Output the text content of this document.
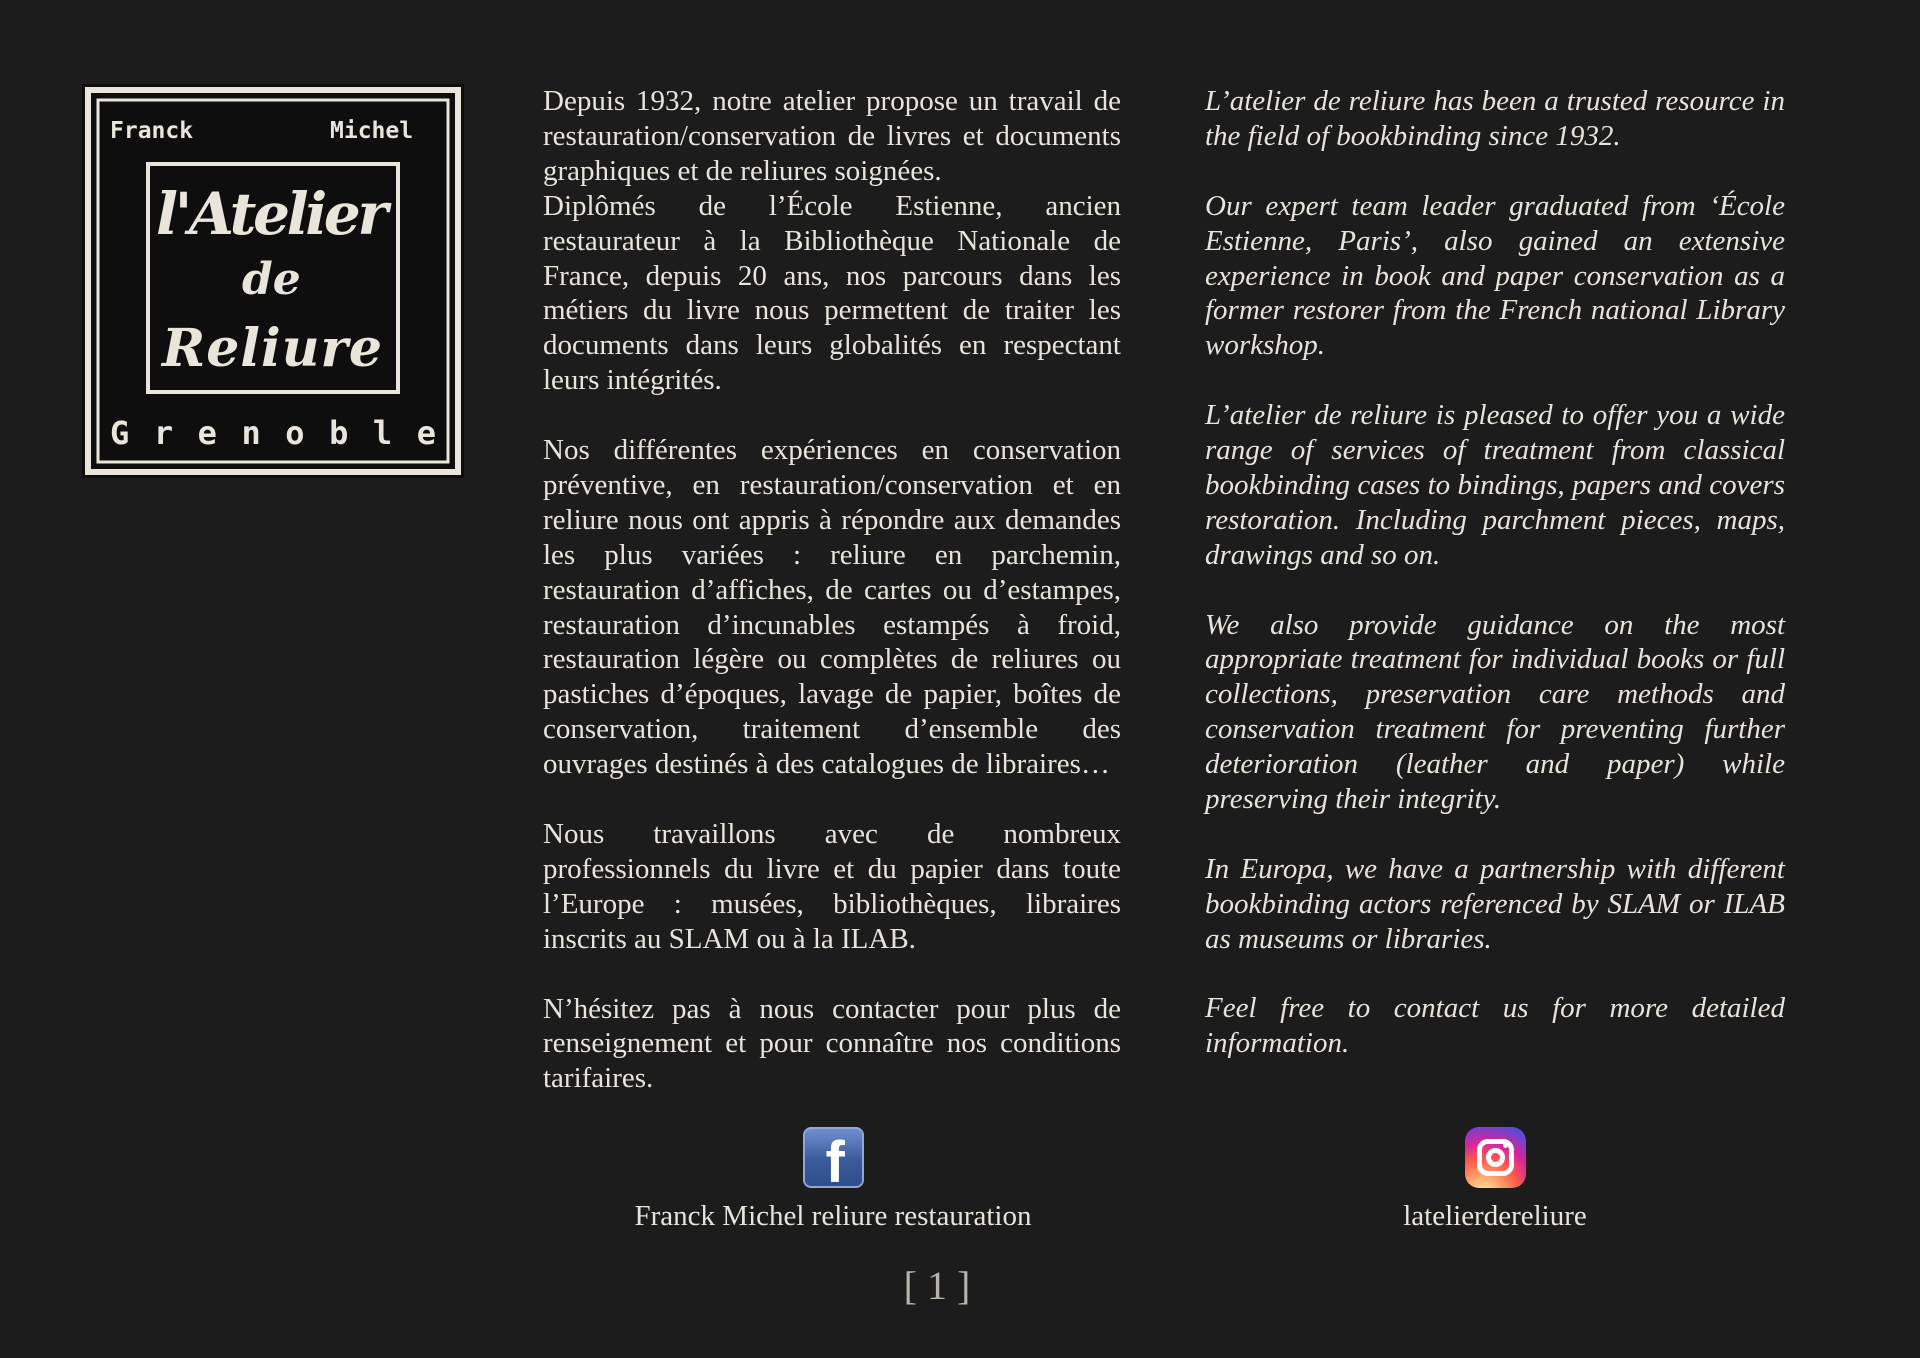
Franck	Michel
l'Atelier
de
Reliure
Grenoble

Depuis 1932, notre atelier propose un travail de restauration/conservation de livres et documents graphiques et de reliures soignées.

Diplômés de l’École Estienne, ancien restaurateur à la Bibliothèque Nationale de France, depuis 20 ans, nos parcours dans les métiers du livre nous permettent de traiter les documents dans leurs globalités en respectant leurs intégrités.

Nos différentes expériences en conservation préventive, en restauration/conservation et en reliure nous ont appris à répondre aux demandes les plus variées : reliure en parchemin, restauration d’affiches, de cartes ou d’estampes, restauration d’incunables estampés à froid, restauration légère ou complètes de reliures ou pastiches d’époques, lavage de papier, boîtes de conservation, traitement d’ensemble des ouvrages destinés à des catalogues de libraires…

Nous travaillons avec de nombreux professionnels du livre et du papier dans toute l’Europe : musées, bibliothèques, libraires inscrits au SLAM ou à la ILAB.

N’hésitez pas à nous contacter pour plus de renseignement et pour connaître nos conditions tarifaires.

L’atelier de reliure has been a trusted resource in the field of bookbinding since 1932.

Our expert team leader graduated from ‘École Estienne, Paris’, also gained an extensive experience in book and paper conservation as a former restorer from the French national Library workshop.

L’atelier de reliure is pleased to offer you a wide range of services of treatment from classical bookbinding cases to bindings, papers and covers restoration. Including parchment pieces, maps, drawings and so on.

We also provide guidance on the most appropriate treatment for individual books or full collections, preservation care methods and conservation treatment for preventing further deterioration (leather and paper) while preserving their integrity.

In Europa, we have a partnership with different bookbinding actors referenced by SLAM or ILAB as museums or libraries.

Feel free to contact us for more detailed information.

f
Franck Michel reliure restauration	latelierdereliure
[ 1 ]
